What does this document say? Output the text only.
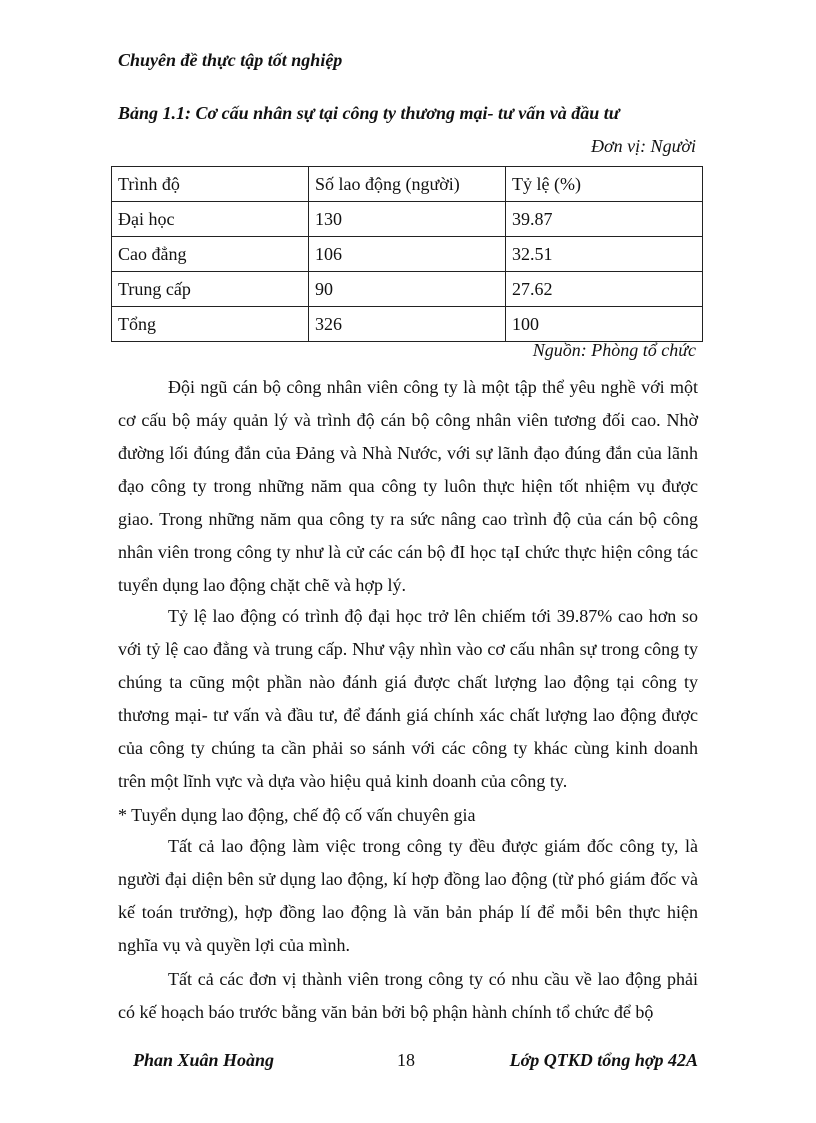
Chuyên đề thực tập tốt nghiệp
Bảng 1.1: Cơ cấu nhân sự tại công ty thương mại- tư vấn và đầu tư
Đơn vị: Người
Trình độ	Số lao động (người)	Tỷ lệ (%)
Đại học	130	39.87
Cao đẳng	106	32.51
Trung cấp	90	27.62
Tổng	326	100
Nguồn: Phòng tổ chức
Đội ngũ cán bộ công nhân viên công ty là một tập thể yêu nghề với một cơ cấu bộ máy quản lý và trình độ cán bộ công nhân viên tương đối cao. Nhờ đường lối đúng đắn của Đảng và Nhà Nước, với sự lãnh đạo đúng đắn của lãnh đạo công ty trong những năm qua công ty luôn thực hiện tốt nhiệm vụ được giao. Trong những năm qua công ty ra sức nâng cao trình độ của cán bộ công nhân viên trong công ty như là cử các cán bộ đI học tạI chức thực hiện công tác tuyển dụng lao động chặt chẽ và hợp lý.
Tỷ lệ lao động có trình độ đại học trở lên chiếm tới 39.87% cao hơn so với tỷ lệ cao đẳng và trung cấp. Như vậy nhìn vào cơ cấu nhân sự trong công ty chúng ta cũng một phần nào đánh giá được chất lượng lao động tại công ty thương mại- tư vấn và đầu tư, để đánh giá chính xác chất lượng lao động được của công ty chúng ta cần phải so sánh với các công ty khác cùng kinh doanh trên một lĩnh vực và dựa vào hiệu quả kinh doanh của công ty.
* Tuyển dụng lao động, chế độ cố vấn chuyên gia
Tất cả lao động làm việc trong công ty đều được giám đốc công ty, là người đại diện bên sử dụng lao động, kí hợp đồng lao động (từ phó giám đốc và kế toán trưởng), hợp đồng lao động là văn bản pháp lí để mỗi bên thực hiện nghĩa vụ và quyền lợi của mình.
Tất cả các đơn vị thành viên trong công ty có nhu cầu về lao động phải có kế hoạch báo trước bằng văn bản bởi bộ phận hành chính tổ chức để bộ
Phan Xuân Hoàng	18	Lớp QTKD tổng hợp 42A
